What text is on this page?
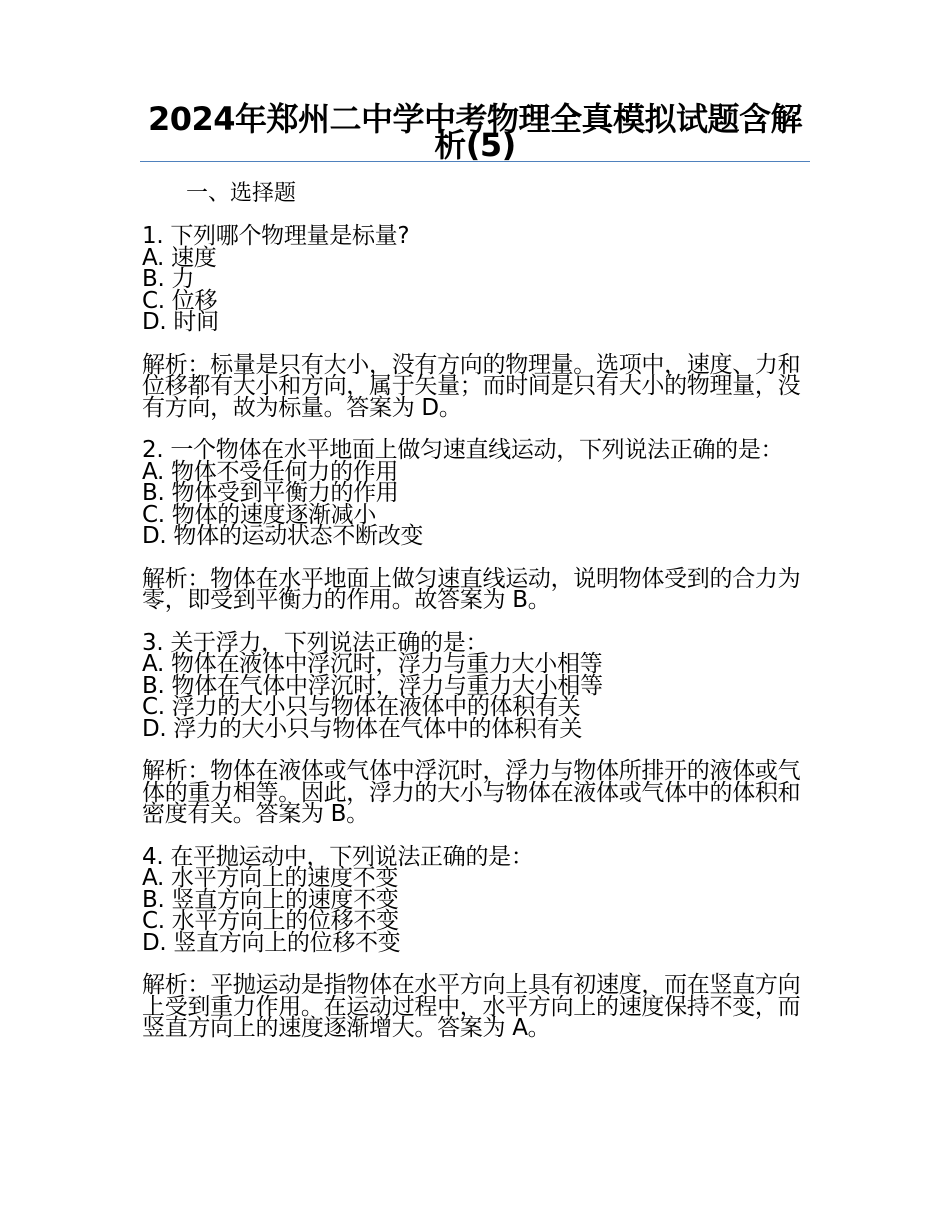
2024年郑州二中学中考物理全真模拟试题含解析(5)
一、选择题
1. 下列哪个物理量是标量?
A. 速度
B. 力
C. 位移
D. 时间
解析：标量是只有大小，没有方向的物理量。选项中，速度、力和位移都有大小和方向，属于矢量；而时间是只有大小的物理量，没有方向，故为标量。答案为 D。
2. 一个物体在水平地面上做匀速直线运动，下列说法正确的是：
A. 物体不受任何力的作用
B. 物体受到平衡力的作用
C. 物体的速度逐渐减小
D. 物体的运动状态不断改变
解析：物体在水平地面上做匀速直线运动，说明物体受到的合力为零，即受到平衡力的作用。故答案为 B。
3. 关于浮力，下列说法正确的是：
A. 物体在液体中浮沉时，浮力与重力大小相等
B. 物体在气体中浮沉时，浮力与重力大小相等
C. 浮力的大小只与物体在液体中的体积有关
D. 浮力的大小只与物体在气体中的体积有关
解析：物体在液体或气体中浮沉时，浮力与物体所排开的液体或气体的重力相等。因此，浮力的大小与物体在液体或气体中的体积和密度有关。答案为 B。
4. 在平抛运动中，下列说法正确的是：
A. 水平方向上的速度不变
B. 竖直方向上的速度不变
C. 水平方向上的位移不变
D. 竖直方向上的位移不变
解析：平抛运动是指物体在水平方向上具有初速度，而在竖直方向上受到重力作用。在运动过程中，水平方向上的速度保持不变，而竖直方向上的速度逐渐增大。答案为 A。
